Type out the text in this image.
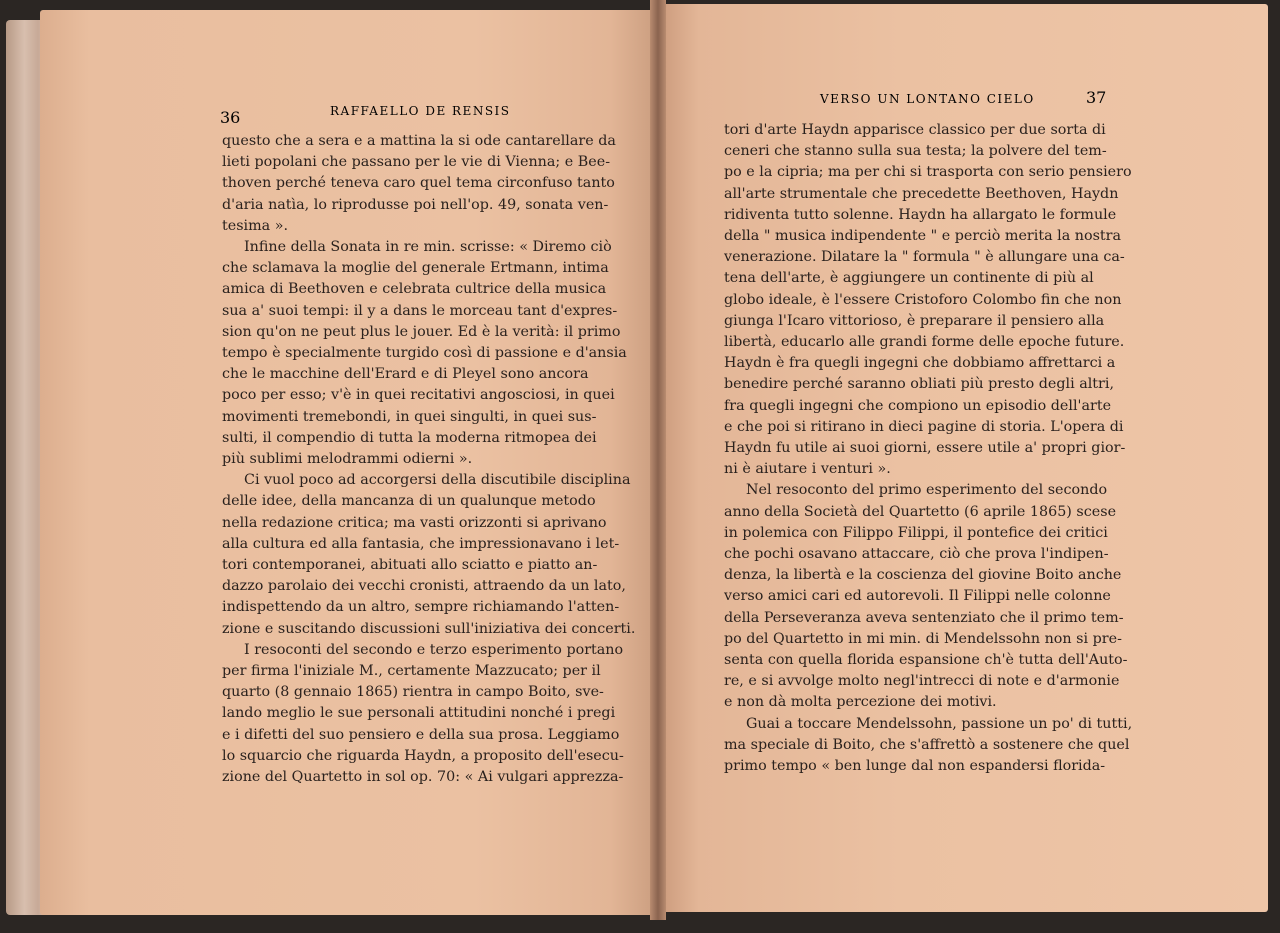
36	RAFFAELLO DE RENSIS
VERSO UN LONTANO CIELO	37
questo che a sera e a mattina la si ode cantarellare da
lieti popolani che passano per le vie di Vienna; e Bee-
thoven perché teneva caro quel tema circonfuso tanto
d'aria natìa, lo riprodusse poi nell'op. 49, sonata ven-
tesima ».
Infine della Sonata in re min. scrisse: « Diremo ciò
che sclamava la moglie del generale Ertmann, intima
amica di Beethoven e celebrata cultrice della musica
sua a' suoi tempi: il y a dans le morceau tant d'expres-
sion qu'on ne peut plus le jouer. Ed è la verità: il primo
tempo è specialmente turgido così di passione e d'ansia
che le macchine dell'Erard e di Pleyel sono ancora
poco per esso; v'è in quei recitativi angosciosi, in quei
movimenti tremebondi, in quei singulti, in quei sus-
sulti, il compendio di tutta la moderna ritmopea dei
più sublimi melodrammi odierni ».
Ci vuol poco ad accorgersi della discutibile disciplina
delle idee, della mancanza di un qualunque metodo
nella redazione critica; ma vasti orizzonti si aprivano
alla cultura ed alla fantasia, che impressionavano i let-
tori contemporanei, abituati allo sciatto e piatto an-
dazzo parolaio dei vecchi cronisti, attraendo da un lato,
indispettendo da un altro, sempre richiamando l'atten-
zione e suscitando discussioni sull'iniziativa dei concerti.
I resoconti del secondo e terzo esperimento portano
per firma l'iniziale M., certamente Mazzucato; per il
quarto (8 gennaio 1865) rientra in campo Boito, sve-
lando meglio le sue personali attitudini nonché i pregi
e i difetti del suo pensiero e della sua prosa. Leggiamo
lo squarcio che riguarda Haydn, a proposito dell'esecu-
zione del Quartetto in sol op. 70: « Ai vulgari apprezza-
tori d'arte Haydn apparisce classico per due sorta di
ceneri che stanno sulla sua testa; la polvere del tem-
po e la cipria; ma per chi si trasporta con serio pensiero
all'arte strumentale che precedette Beethoven, Haydn
ridiventa tutto solenne. Haydn ha allargato le formule
della " musica indipendente " e perciò merita la nostra
venerazione. Dilatare la " formula " è allungare una ca-
tena dell'arte, è aggiungere un continente di più al
globo ideale, è l'essere Cristoforo Colombo fin che non
giunga l'Icaro vittorioso, è preparare il pensiero alla
libertà, educarlo alle grandi forme delle epoche future.
Haydn è fra quegli ingegni che dobbiamo affrettarci a
benedire perché saranno obliati più presto degli altri,
fra quegli ingegni che compiono un episodio dell'arte
e che poi si ritirano in dieci pagine di storia. L'opera di
Haydn fu utile ai suoi giorni, essere utile a' propri gior-
ni è aiutare i venturi ».
Nel resoconto del primo esperimento del secondo
anno della Società del Quartetto (6 aprile 1865) scese
in polemica con Filippo Filippi, il pontefice dei critici
che pochi osavano attaccare, ciò che prova l'indipen-
denza, la libertà e la coscienza del giovine Boito anche
verso amici cari ed autorevoli. Il Filippi nelle colonne
della Perseveranza aveva sentenziato che il primo tem-
po del Quartetto in mi min. di Mendelssohn non si pre-
senta con quella florida espansione ch'è tutta dell'Auto-
re, e si avvolge molto negl'intrecci di note e d'armonie
e non dà molta percezione dei motivi.
Guai a toccare Mendelssohn, passione un po' di tutti,
ma speciale di Boito, che s'affrettò a sostenere che quel
primo tempo « ben lunge dal non espandersi florida-
